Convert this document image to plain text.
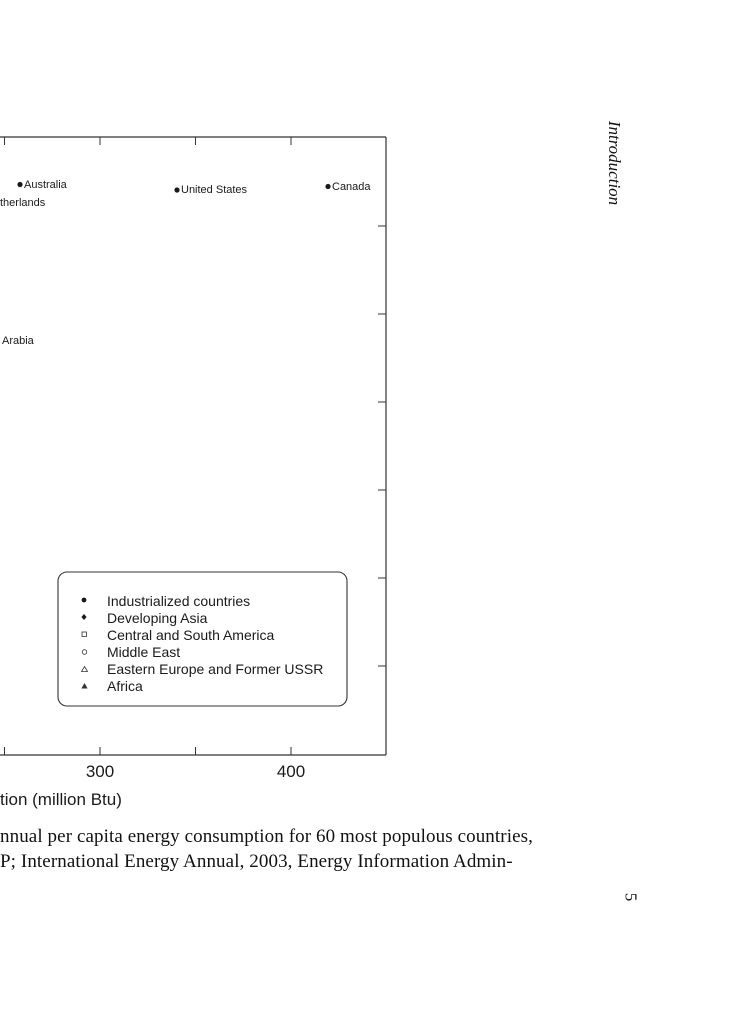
300	400
tion (million Btu)
Australia	United States	Canada
therlands
Arabia
Industrialized countries
Developing Asia
Central and South America
Middle East
Eastern Europe and Former USSR
Africa
nnual per capita energy consumption for 60 most populous countries,
P; International Energy Annual, 2003, Energy Information Admin-
Introduction
5
